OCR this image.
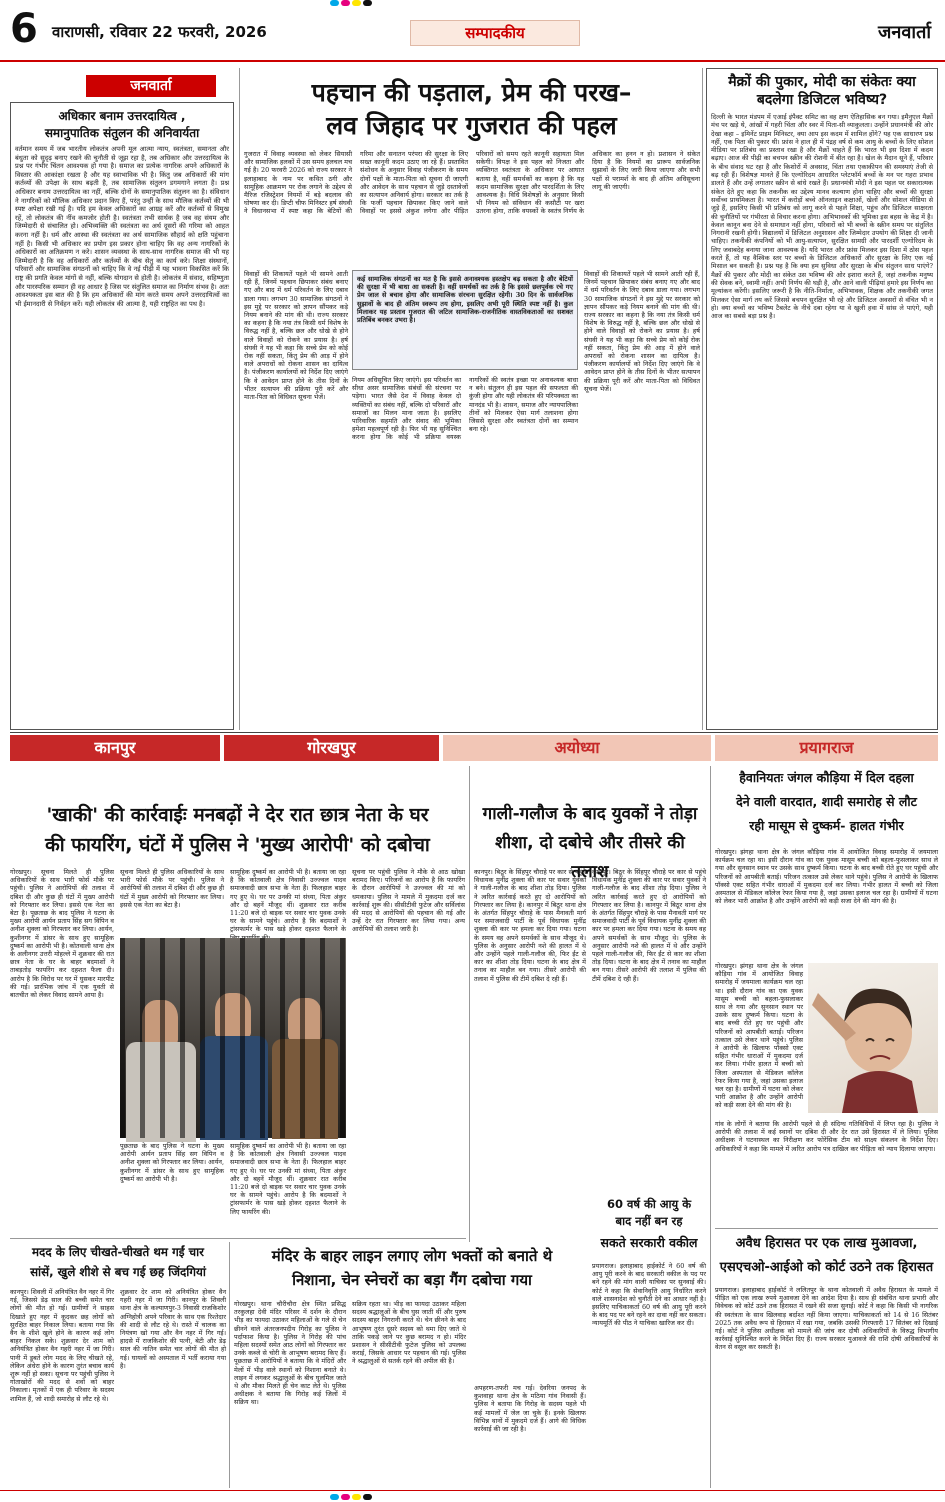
6 वाराणसी, रविवार 22 फरवरी, 2026	सम्पादकीय	जनवार्ता
जनवार्ता
अधिकार बनाम उत्तरदायित्व ,
समानुपातिक संतुलन की अनिवार्यता
वर्तमान समय में जब भारतीय लोकतंत्र अपनी मूल आत्मा न्याय, स्वतंत्रता, समानता और बंधुता को सुदृढ़ बनाए रखने की चुनौती से जूझ रहा है, तब अधिकार और उत्तरदायित्व के प्रश्न पर गंभीर चिंतन आवश्यक हो गया है। समाज का प्रत्येक नागरिक अपने अधिकारों के विस्तार की आकांक्षा रखता है और यह स्वाभाविक भी है। किंतु जब अधिकारों की मांग कर्तव्यों की उपेक्षा के साथ बढ़ती है, तब सामाजिक संतुलन डगमगाने लगता है। प्रश्न अधिकार बनाम उत्तरदायित्व का नहीं, बल्कि दोनों के समानुपातिक संतुलन का है। संविधान ने नागरिकों को मौलिक अधिकार प्रदान किए हैं, परंतु उन्हीं के साथ मौलिक कर्तव्यों की भी स्पष्ट अपेक्षा रखी गई है। यदि हम केवल अधिकारों का आग्रह करें और कर्तव्यों से विमुख रहें, तो लोकतंत्र की नींव कमजोर होती है। स्वतंत्रता तभी सार्थक है जब वह संयम और जिम्मेदारी से संचालित हो। अभिव्यक्ति की स्वतंत्रता का अर्थ दूसरों की गरिमा को आहत करना नहीं है। धर्म और आस्था की स्वतंत्रता का अर्थ सामाजिक सौहार्द को क्षति पहुंचाना नहीं है। किसी भी अधिकार का प्रयोग इस प्रकार होना चाहिए कि वह अन्य नागरिकों के अधिकारों का अतिक्रमण न करे। शासन व्यवस्था के साथ-साथ नागरिक समाज की भी यह जिम्मेदारी है कि वह अधिकारों और कर्तव्यों के बीच सेतु का कार्य करे। शिक्षा संस्थानों, परिवारों और सामाजिक संगठनों को चाहिए कि वे नई पीढ़ी में यह भावना विकसित करें कि राष्ट्र की प्रगति केवल मांगों से नहीं, बल्कि योगदान से होती है। लोकतंत्र में संवाद, सहिष्णुता और पारस्परिक सम्मान ही वह आधार है जिस पर संतुलित समाज का निर्माण संभव है। अतः आवश्यकता इस बात की है कि हम अधिकारों की मांग करते समय अपने उत्तरदायित्वों का भी ईमानदारी से निर्वहन करें। यही लोकतंत्र की आत्मा है, यही राष्ट्रहित का पथ है।
पहचान की पड़ताल, प्रेम की परख–
लव जिहाद पर गुजरात की पहल
गुजरात में विवाह व्यवस्था को लेकर सियासी और सामाजिक हलकों में उस समय हलचल मच गई है। 20 फरवरी 2026 को राज्य सरकार ने इलाहाबाद के नाम पर कथित ठगी और सामूहिक आक्रमण पर रोक लगाने के उद्देश्य से मैरिज रजिस्ट्रेशन नियमों में बड़े बदलाव की घोषणा कर दी। डिप्टी चीफ मिनिस्टर हर्ष संघवी ने विधानसभा में स्पष्ट कहा कि बेटियों की गरिमा और सनातन परंपरा की सुरक्षा के लिए सख्त कानूनी कदम उठाए जा रहे हैं। प्रस्तावित संशोधन के अनुसार विवाह पंजीकरण के समय दोनों पक्षों के माता-पिता को सूचना दी जाएगी और आवेदन के साथ पहचान से जुड़े दस्तावेजों का सत्यापन अनिवार्य होगा। सरकार का तर्क है कि फर्जी पहचान छिपाकर किए जाने वाले विवाहों पर इससे अंकुश लगेगा और पीड़ित परिवारों को समय रहते कानूनी सहायता मिल सकेगी। विपक्ष ने इस पहल को निजता और व्यक्तिगत स्वतंत्रता के अधिकार पर आघात बताया है, वहीं समर्थकों का कहना है कि यह कदम सामाजिक सुरक्षा और पारदर्शिता के लिए आवश्यक है। विधि विशेषज्ञों के अनुसार किसी भी नियम को संविधान की कसौटी पर खरा उतरना होगा, ताकि वयस्कों के स्वतंत्र निर्णय के अधिकार का हनन न हो। प्रशासन ने संकेत दिया है कि नियमों का प्रारूप सार्वजनिक सुझावों के लिए जारी किया जाएगा और सभी पक्षों से परामर्श के बाद ही अंतिम अधिसूचना लागू की जाएगी।
विवाहों की शिकायतें पहले भी सामने आती रही हैं, जिनमें पहचान छिपाकर संबंध बनाए गए और बाद में धर्म परिवर्तन के लिए दबाव डाला गया। लगभग 30 सामाजिक संगठनों ने इस मुद्दे पर सरकार को ज्ञापन सौंपकर कड़े नियम बनाने की मांग की थी। राज्य सरकार का कहना है कि नया तंत्र किसी धर्म विशेष के विरुद्ध नहीं है, बल्कि छल और धोखे से होने वाले विवाहों को रोकने का प्रयास है। हर्ष संघवी ने यह भी कहा कि सच्चे प्रेम को कोई रोक नहीं सकता, किंतु प्रेम की आड़ में होने वाले अपराधों को रोकना शासन का दायित्व है। पंजीकरण कार्यालयों को निर्देश दिए जाएंगे कि वे आवेदन प्राप्त होने के तीस दिनों के भीतर सत्यापन की प्रक्रिया पूरी करें और माता-पिता को विधिवत सूचना भेजें।
कई सामाजिक संगठनों का मत है कि इससे अनावश्यक हस्तक्षेप बढ़ सकता है और बेटियों की सुरक्षा में भी बाधा आ सकती है। वहीं समर्थकों का तर्क है कि इससे छलपूर्वक रचे गए प्रेम जाल से बचाव होगा और सामाजिक संरचना सुरक्षित रहेगी। 30 दिन के सार्वजनिक सुझावों के बाद ही अंतिम स्वरूप तय होगा, इसलिए अभी पूरी स्थिति स्पष्ट नहीं है। कुल मिलाकर यह प्रस्ताव गुजरात की जटिल सामाजिक-राजनीतिक वास्तविकताओं का सशक्त प्रतिबिंब बनकर उभरा है।
नियम अधिसूचित किए जाएंगे। इस परिवर्तन का सीधा असर सामाजिक संबंधों की संरचना पर पड़ेगा। भारत जैसे देश में विवाह केवल दो व्यक्तियों का संबंध नहीं, बल्कि दो परिवारों और समाजों का मिलन माना जाता है। इसलिए पारिवारिक सहमति और संवाद की भूमिका हमेशा महत्वपूर्ण रही है। फिर भी यह सुनिश्चित करना होगा कि कोई भी प्रक्रिया वयस्क नागरिकों की स्वतंत्र इच्छा पर अनावश्यक बाधा न बने। संतुलन ही इस पहल की सफलता की कुंजी होगा और यही लोकतंत्र की परिपक्वता का मानदंड भी है। शासन, समाज और न्यायपालिका तीनों को मिलकर ऐसा मार्ग तलाशना होगा जिससे सुरक्षा और स्वतंत्रता दोनों का सम्मान बना रहे।
विवाहों की शिकायतें पहले भी सामने आती रही हैं, जिनमें पहचान छिपाकर संबंध बनाए गए और बाद में धर्म परिवर्तन के लिए दबाव डाला गया। लगभग 30 सामाजिक संगठनों ने इस मुद्दे पर सरकार को ज्ञापन सौंपकर कड़े नियम बनाने की मांग की थी। राज्य सरकार का कहना है कि नया तंत्र किसी धर्म विशेष के विरुद्ध नहीं है, बल्कि छल और धोखे से होने वाले विवाहों को रोकने का प्रयास है। हर्ष संघवी ने यह भी कहा कि सच्चे प्रेम को कोई रोक नहीं सकता, किंतु प्रेम की आड़ में होने वाले अपराधों को रोकना शासन का दायित्व है। पंजीकरण कार्यालयों को निर्देश दिए जाएंगे कि वे आवेदन प्राप्त होने के तीस दिनों के भीतर सत्यापन की प्रक्रिया पूरी करें और माता-पिता को विधिवत सूचना भेजें।
मैक्रों की पुकार, मोदी का संकेतः क्या बदलेगा डिजिटल भविष्य?
दिल्ली के भारत मंडपम में एआई इंपैक्ट समिट का वह क्षण ऐतिहासिक बन गया। इमैनुएल मैक्रों मंच पर खड़े थे, आंखों में गहरी चिंता और स्वर में पिता-सी व्याकुलता। उन्होंने प्रधानमंत्री की ओर देखा कहा – इमिनेंट प्राइम मिनिस्टर, क्या आप इस कदम में शामिल होंगे? यह एक साधारण प्रश्न नहीं, एक पिता की पुकार थी। फ्रांस ने हाल ही में पंद्रह वर्ष से कम आयु के बच्चों के लिए सोशल मीडिया पर प्रतिबंध का प्रस्ताव रखा है और मैक्रों चाहते हैं कि भारत भी इस दिशा में कदम बढ़ाए। आज की पीढ़ी का बचपन स्क्रीन की रोशनी में बीत रहा है। खेल के मैदान सूने हैं, परिवार के बीच संवाद घट रहा है और किशोरों में अवसाद, चिंता तथा एकाकीपन की समस्याएं तेजी से बढ़ रही हैं। विशेषज्ञ मानते हैं कि एल्गोरिदम आधारित प्लेटफॉर्म बच्चों के मन पर गहरा प्रभाव डालते हैं और उन्हें लगातार स्क्रीन से बांधे रखते हैं। प्रधानमंत्री मोदी ने इस पहल पर सकारात्मक संकेत देते हुए कहा कि तकनीक का उद्देश्य मानव कल्याण होना चाहिए और बच्चों की सुरक्षा सर्वोच्च प्राथमिकता है। भारत में करोड़ों बच्चे ऑनलाइन कक्षाओं, खेलों और सोशल मीडिया से जुड़े हैं, इसलिए किसी भी प्रतिबंध को लागू करने से पहले शिक्षा, पहुंच और डिजिटल साक्षरता की चुनौतियों पर गंभीरता से विचार करना होगा। अभिभावकों की भूमिका इस बहस के केंद्र में है। केवल कानून बना देने से समाधान नहीं होगा, परिवारों को भी बच्चों के स्क्रीन समय पर संतुलित निगरानी रखनी होगी। विद्यालयों में डिजिटल अनुशासन और जिम्मेदार उपयोग की शिक्षा दी जानी चाहिए। तकनीकी कंपनियों को भी आयु-सत्यापन, सुरक्षित सामग्री और पारदर्शी एल्गोरिदम के लिए जवाबदेह बनाया जाना आवश्यक है। यदि भारत और फ्रांस मिलकर इस दिशा में ठोस पहल करते हैं, तो यह वैश्विक स्तर पर बच्चों के डिजिटल अधिकारों और सुरक्षा के लिए एक नई मिसाल बन सकती है। प्रश्न यह है कि क्या हम सुविधा और सुरक्षा के बीच संतुलन साध पाएंगे? मैक्रों की पुकार और मोदी का संकेत उस भविष्य की ओर इशारा करते हैं, जहां तकनीक मनुष्य की सेवक बने, स्वामी नहीं। अभी निर्णय की घड़ी है, और आने वाली पीढ़ियां हमारे इस निर्णय का मूल्यांकन करेंगी। इसलिए जरूरी है कि नीति-निर्माता, अभिभावक, शिक्षक और तकनीकी जगत मिलकर ऐसा मार्ग तय करें जिससे बचपन सुरक्षित भी रहे और डिजिटल अवसरों से वंचित भी न हो। क्या बच्चों का भविष्य टैबलेट के नीचे दबा रहेगा या वे खुली हवा में सांस ले पाएंगे, यही आज का सबसे बड़ा प्रश्न है।
कानपुर	गोरखपुर	अयोध्या	प्रयागराज
'खाकी' की कार्रवाईः मनबढ़ों ने देर रात छात्र नेता के घर
की फायरिंग, घंटों में पुलिस ने 'मुख्य आरोपी' को दबोचा
गोरखपुर। सूचना मिलते ही पुलिस अधिकारियों के साथ भारी फोर्स मौके पर पहुंची। पुलिस ने आरोपियों की तलाश में दबिश दी और कुछ ही घंटों में मुख्य आरोपी को गिरफ्तार कर लिया। इससे एक नेता का बेटा है। पूछताछ के बाद पुलिस ने घटना के मुख्य आरोपी आर्यन प्रताप सिंह सग विपिन व अनीश शुक्ला को गिरफ्तार कर लिया। आर्यन, कुशीनगर में डांसर के साथ हुए सामूहिक दुष्कर्म का आरोपी भी है। कोतवाली थाना क्षेत्र के अलीनगर उत्तरी मोहल्ले में शुक्रवार की रात छात्र नेता के घर के बाहर बदमाशों ने ताबड़तोड़ फायरिंग कर दहशत फैला दी। आरोप है कि विरोध पर घर में घुसकर मारपीट की गई। प्रारंभिक जांच में एक युवती से बातचीत को लेकर विवाद सामने आया है।
सूचना मिलते ही पुलिस अधिकारियों के साथ भारी फोर्स मौके पर पहुंची। पुलिस ने आरोपियों की तलाश में दबिश दी और कुछ ही घंटों में मुख्य आरोपी को गिरफ्तार कर लिया। इससे एक नेता का बेटा है।
सामूहिक दुष्कर्म का आरोपी भी है। बताया जा रहा है कि कोतवाली क्षेत्र निवासी उज्ज्वल यादव समाजवादी छात्र सभा के नेता हैं। फिलहाल बाहर गए हुए थे। घर पर उनकी मां संध्या, पिता अंकुर और दो बहनें मौजूद थीं। शुक्रवार रात करीब 11:20 बजे दो बाइक पर सवार चार युवक उनके घर के सामने पहुंचे। आरोप है कि बदमाशों ने ट्रांसफार्मर के पास खड़े होकर दहशत फैलाने के
सूचना पर पहुंची पुलिस ने मौके से आठ खोखा बरामद किए। परिजनों का आरोप है कि फायरिंग के दौरान आरोपियों ने उज्ज्वल की मां को धमकाया। पुलिस ने मामले में मुकदमा दर्ज कर कार्रवाई शुरू की। सीसीटीवी फुटेज और सर्विलांस की मदद से आरोपियों की पहचान की गई और उन्हें देर रात गिरफ्तार कर लिया गया। अन्य आरोपियों की तलाश जारी है।
पूछताछ के बाद पुलिस ने घटना के मुख्य आरोपी आर्यन प्रताप सिंह सग विपिन व अनीश शुक्ला को गिरफ्तार कर लिया। आर्यन, कुशीनगर में डांसर के साथ हुए सामूहिक दुष्कर्म का आरोपी भी है।
सामूहिक दुष्कर्म का आरोपी भी है। बताया जा रहा है कि कोतवाली क्षेत्र निवासी उज्ज्वल यादव समाजवादी छात्र सभा के नेता हैं। फिलहाल बाहर गए हुए थे। घर पर उनकी मां संध्या, पिता अंकुर और दो बहनें मौजूद थीं। शुक्रवार रात करीब 11:20 बजे दो बाइक पर सवार चार युवक उनके घर के सामने पहुंचे। आरोप है कि बदमाशों ने ट्रांसफार्मर के पास खड़े होकर दहशत फैलाने के लिए फायरिंग की।
गाली-गलौज के बाद युवकों ने तोड़ा
शीशा, दो दबोचे और तीसरे की तलाश
कानपुर। बिठूर के सिंहपुर चौराहे पर कार से पहुंचे विधायक मुनींद्र शुक्ला की कार पर सवार युवकों ने गाली-गलौज के बाद शीशा तोड़ दिया। पुलिस ने त्वरित कार्रवाई करते हुए दो आरोपियों को गिरफ्तार कर लिया है। कानपुर में बिठूर थाना क्षेत्र के अंतर्गत सिंहपुर चौराहे के पास मैनावती मार्ग पर समाजवादी पार्टी के पूर्व विधायक मुनींद्र शुक्ला की कार पर हमला कर दिया गया। घटना के समय वह अपने समर्थकों के साथ मौजूद थे। पुलिस के अनुसार आरोपी नशे की हालत में थे और उन्होंने पहले गाली-गलौज की, फिर ईंट से कार का शीशा तोड़ दिया। घटना के बाद क्षेत्र में तनाव का माहौल बन गया। तीसरे आरोपी की तलाश में पुलिस की टीमें दबिश दे रही हैं।
कानपुर। बिठूर के सिंहपुर चौराहे पर कार से पहुंचे विधायक मुनींद्र शुक्ला की कार पर सवार युवकों ने गाली-गलौज के बाद शीशा तोड़ दिया। पुलिस ने त्वरित कार्रवाई करते हुए दो आरोपियों को गिरफ्तार कर लिया है। कानपुर में बिठूर थाना क्षेत्र के अंतर्गत सिंहपुर चौराहे के पास मैनावती मार्ग पर समाजवादी पार्टी के पूर्व विधायक मुनींद्र शुक्ला की कार पर हमला कर दिया गया। घटना के समय वह अपने समर्थकों के साथ मौजूद थे। पुलिस के अनुसार आरोपी नशे की हालत में थे और उन्होंने पहले गाली-गलौज की, फिर ईंट से कार का शीशा तोड़ दिया। घटना के बाद क्षेत्र में तनाव का माहौल बन गया। तीसरे आरोपी की तलाश में पुलिस की टीमें दबिश दे रही हैं।
60 वर्ष की आयु के
बाद नहीं बन रह
सकते सरकारी वकील
प्रयागराज। इलाहाबाद हाईकोर्ट ने 60 वर्ष की आयु पूरी करने के बाद सरकारी वकील के पद पर बने रहने की मांग वाली याचिका पर सुनवाई की। कोर्ट ने कहा कि सेवानिवृत्ति आयु निर्धारित करने वाले शासनादेश को चुनौती देने का आधार नहीं है। इसलिए याचिकाकर्ता 60 वर्ष की आयु पूरी करने के बाद पद पर बने रहने का दावा नहीं कर सकता। न्यायमूर्ति की पीठ ने याचिका खारिज कर दी।
हैवानियतः जंगल कौड़िया में दिल दहला
देने वाली वारदात, शादी समारोह से लौट
रही मासूम से दुष्कर्म- हालत गंभीर
गोरखपुर। झंगहा थाना क्षेत्र के जंगल कौड़िया गांव में आयोजित विवाह समारोह में जयमाला कार्यक्रम चल रहा था। इसी दौरान गांव का एक युवक मासूम बच्ची को बहला-फुसलाकर साथ ले गया और सुनसान स्थान पर उसके साथ दुष्कर्म किया। घटना के बाद बच्ची रोते हुए घर पहुंची और परिजनों को आपबीती बताई। परिजन तत्काल उसे लेकर थाने पहुंचे। पुलिस ने आरोपी के खिलाफ पॉक्सो एक्ट सहित गंभीर धाराओं में मुकदमा दर्ज कर लिया। गंभीर हालत में बच्ची को जिला अस्पताल से मेडिकल कॉलेज रेफर किया गया है, जहां उसका इलाज चल रहा है। ग्रामीणों में घटना को लेकर भारी आक्रोश है और उन्होंने आरोपी को कड़ी सजा देने की मांग की है।
गोरखपुर। झंगहा थाना क्षेत्र के जंगल कौड़िया गांव में आयोजित विवाह समारोह में जयमाला कार्यक्रम चल रहा था। इसी दौरान गांव का एक युवक मासूम बच्ची को बहला-फुसलाकर साथ ले गया और सुनसान स्थान पर उसके साथ दुष्कर्म किया। घटना के बाद बच्ची रोते हुए घर पहुंची और परिजनों को आपबीती बताई। परिजन तत्काल उसे लेकर थाने पहुंचे। पुलिस ने आरोपी के खिलाफ पॉक्सो एक्ट सहित गंभीर धाराओं में मुकदमा दर्ज कर लिया। गंभीर हालत में बच्ची को जिला अस्पताल से मेडिकल कॉलेज रेफर किया गया है, जहां उसका इलाज चल रहा है। ग्रामीणों में घटना को लेकर भारी आक्रोश है और उन्होंने आरोपी को कड़ी सजा देने की मांग की है।
गांव के लोगों ने बताया कि आरोपी पहले से ही संदिग्ध गतिविधियों में लिप्त रहा है। पुलिस ने आरोपी की तलाश में कई स्थानों पर दबिश दी और देर रात उसे हिरासत में ले लिया। पुलिस अधीक्षक ने घटनास्थल का निरीक्षण कर फोरेंसिक टीम को साक्ष्य संकलन के निर्देश दिए। अधिकारियों ने कहा कि मामले में त्वरित आरोप पत्र दाखिल कर पीड़िता को न्याय दिलाया जाएगा।
मदद के लिए चीखते-चीखते थम गईं चार
सांसें, खुले शीशे से बच गई छह जिंदगियां
कानपुर। शिवली में अनियंत्रित वैन नहर में गिर गई, जिससे डेढ़ साल की बच्ची समेत चार लोगों की मौत हो गई। ग्रामीणों ने साहस दिखाते हुए नहर में कूदकर छह लोगों को सुरक्षित बाहर निकाल लिया। बताया गया कि वैन के शीशे खुले होने के कारण कई लोग बाहर निकल सके। शुक्रवार देर शाम को अनियंत्रित होकर वैन गहरी नहर में जा गिरी। पानी में डूबते लोग मदद के लिए चीखते रहे, लेकिन अंधेरा होने के कारण तुरंत बचाव कार्य शुरू नहीं हो सका। सूचना पर पहुंची पुलिस ने गोताखोरों की मदद से शवों को बाहर निकाला। मृतकों में एक ही परिवार के सदस्य शामिल हैं, जो शादी समारोह से लौट रहे थे।
शुक्रवार देर शाम को अनियंत्रित होकर वैन गहरी नहर में जा गिरी। कानपुर के शिवली थाना क्षेत्र के कल्याणपुर-3 निवासी राजकिशोर अग्निहोत्री अपने परिवार के साथ एक रिश्तेदार की शादी से लौट रहे थे। रास्ते में चालक का नियंत्रण खो गया और वैन नहर में गिर गई। हादसे में राजकिशोर की पत्नी, बेटी और डेढ़ साल की नातिन समेत चार लोगों की मौत हो गई। घायलों को अस्पताल में भर्ती कराया गया है।
मंदिर के बाहर लाइन लगाए लोग भक्तों को बनाते थे
निशाना, चेन स्नेचरों का बड़ा गैंग दबोचा गया
गोरखपुर। थाना चौरीचौरा क्षेत्र स्थित प्रसिद्ध तरकुलहा देवी मंदिर परिसर में दर्शन के दौरान भीड़ का फायदा उठाकर महिलाओं के गले से चेन छीनने वाले अंतरजनपदीय गिरोह का पुलिस ने पर्दाफाश किया है। पुलिस ने गिरोह की पांच महिला सदस्यों समेत आठ लोगों को गिरफ्तार कर उनके कब्जे से चोरी के आभूषण बरामद किए हैं। पूछताछ में आरोपियों ने बताया कि वे मंदिरों और मेलों में भीड़ वाले स्थानों को निशाना बनाते थे। लाइन में लगकर श्रद्धालुओं के बीच घुलमिल जाते थे और मौका मिलते ही चेन काट लेते थे। पुलिस अधीक्षक ने बताया कि गिरोह कई जिलों में सक्रिय था।
सक्रिय रहता था। भीड़ का फायदा उठाकर महिला सदस्य श्रद्धालुओं के बीच घुस जाती थीं और पुरुष सदस्य बाहर निगरानी करते थे। चेन छीनने के बाद आभूषण तुरंत दूसरे सदस्य को थमा दिए जाते थे ताकि पकड़े जाने पर कुछ बरामद न हो। मंदिर प्रशासन ने सीसीटीवी फुटेज पुलिस को उपलब्ध कराई, जिसके आधार पर पहचान की गई। पुलिस ने श्रद्धालुओं से सतर्क रहने की अपील की है।
अपहरण-तफरी मच गई। देवरिया जनपद के कुशवाहा थाना क्षेत्र के मठिया गांव निवासी हैं। पुलिस ने बताया कि गिरोह के सदस्य पहले भी कई मामलों में जेल जा चुके हैं। इनके खिलाफ विभिन्न थानों में मुकदमे दर्ज हैं। आगे की विधिक कार्रवाई की जा रही है।
अवैध हिरासत पर एक लाख मुआवजा,
एसएचओ-आईओ को कोर्ट उठने तक हिरासत
प्रयागराज। इलाहाबाद हाईकोर्ट ने ललितपुर के थाना कोतवाली में अवैध हिरासत के मामले में पीड़ित को एक लाख रुपये मुआवजा देने का आदेश दिया है। साथ ही संबंधित थाना प्रभारी और विवेचक को कोर्ट उठने तक हिरासत में रखने की सजा सुनाई। कोर्ट ने कहा कि किसी भी नागरिक की स्वतंत्रता के साथ खिलवाड़ बर्दाश्त नहीं किया जाएगा। याचिकाकर्ता को 14 से 16 सितंबर 2025 तक अवैध रूप से हिरासत में रखा गया, जबकि उसकी गिरफ्तारी 17 सितंबर को दिखाई गई। कोर्ट ने पुलिस अधीक्षक को मामले की जांच कर दोषी अधिकारियों के विरुद्ध विभागीय कार्रवाई सुनिश्चित करने के निर्देश दिए हैं। राज्य सरकार मुआवजे की राशि दोषी अधिकारियों के वेतन से वसूल कर सकती है।
